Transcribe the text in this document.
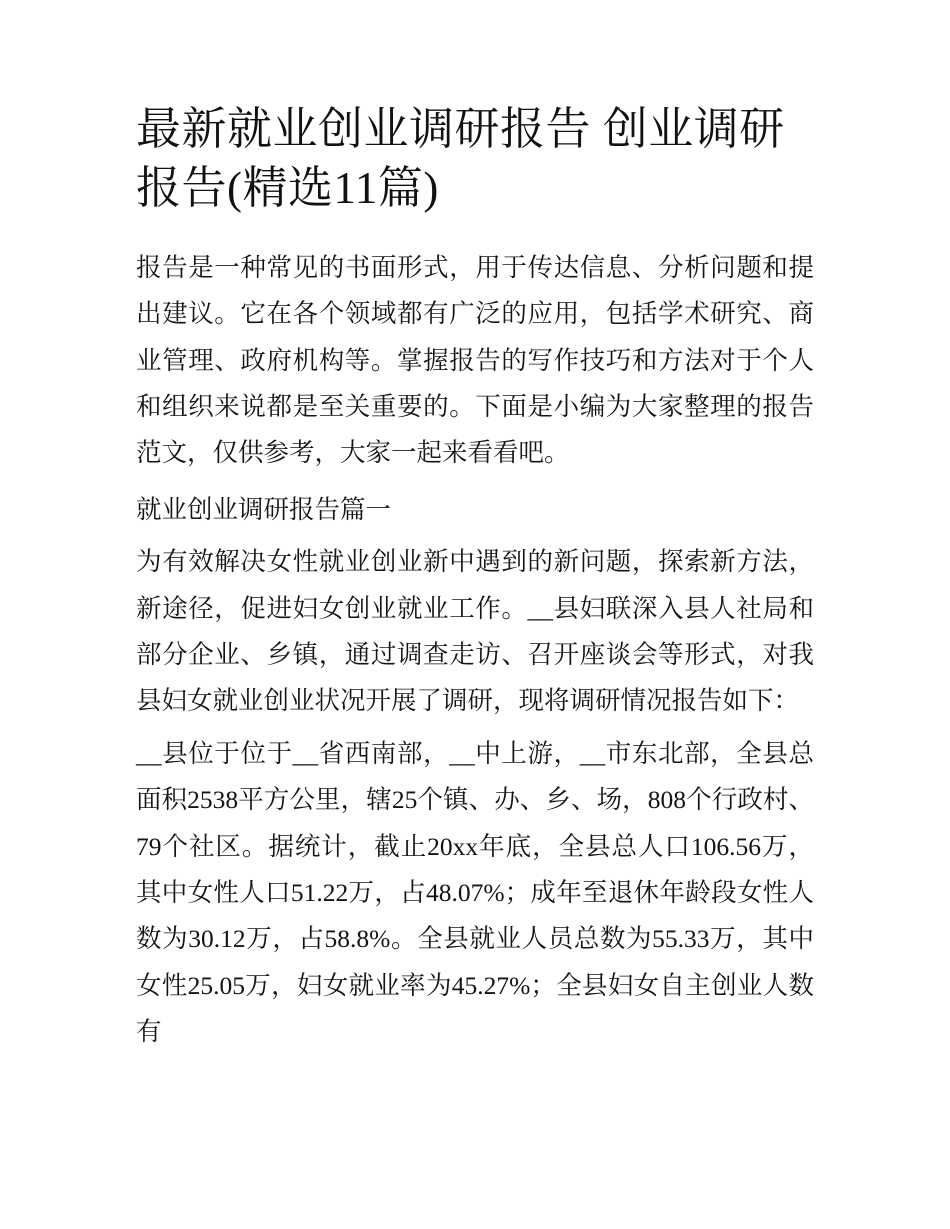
最新就业创业调研报告 创业调研报告(精选11篇)

报告是一种常见的书面形式，用于传达信息、分析问题和提出建议。它在各个领域都有广泛的应用，包括学术研究、商业管理、政府机构等。掌握报告的写作技巧和方法对于个人和组织来说都是至关重要的。下面是小编为大家整理的报告范文，仅供参考，大家一起来看看吧。

就业创业调研报告篇一

为有效解决女性就业创业新中遇到的新问题，探索新方法，新途径，促进妇女创业就业工作。__县妇联深入县人社局和部分企业、乡镇，通过调查走访、召开座谈会等形式，对我县妇女就业创业状况开展了调研，现将调研情况报告如下：

__县位于位于__省西南部，__中上游，__市东北部，全县总面积2538平方公里，辖25个镇、办、乡、场，808个行政村、79个社区。据统计，截止20xx年底，全县总人口106.56万，其中女性人口51.22万，占48.07%；成年至退休年龄段女性人数为30.12万，占58.8%。全县就业人员总数为55.33万，其中女性25.05万，妇女就业率为45.27%；全县妇女自主创业人数有
